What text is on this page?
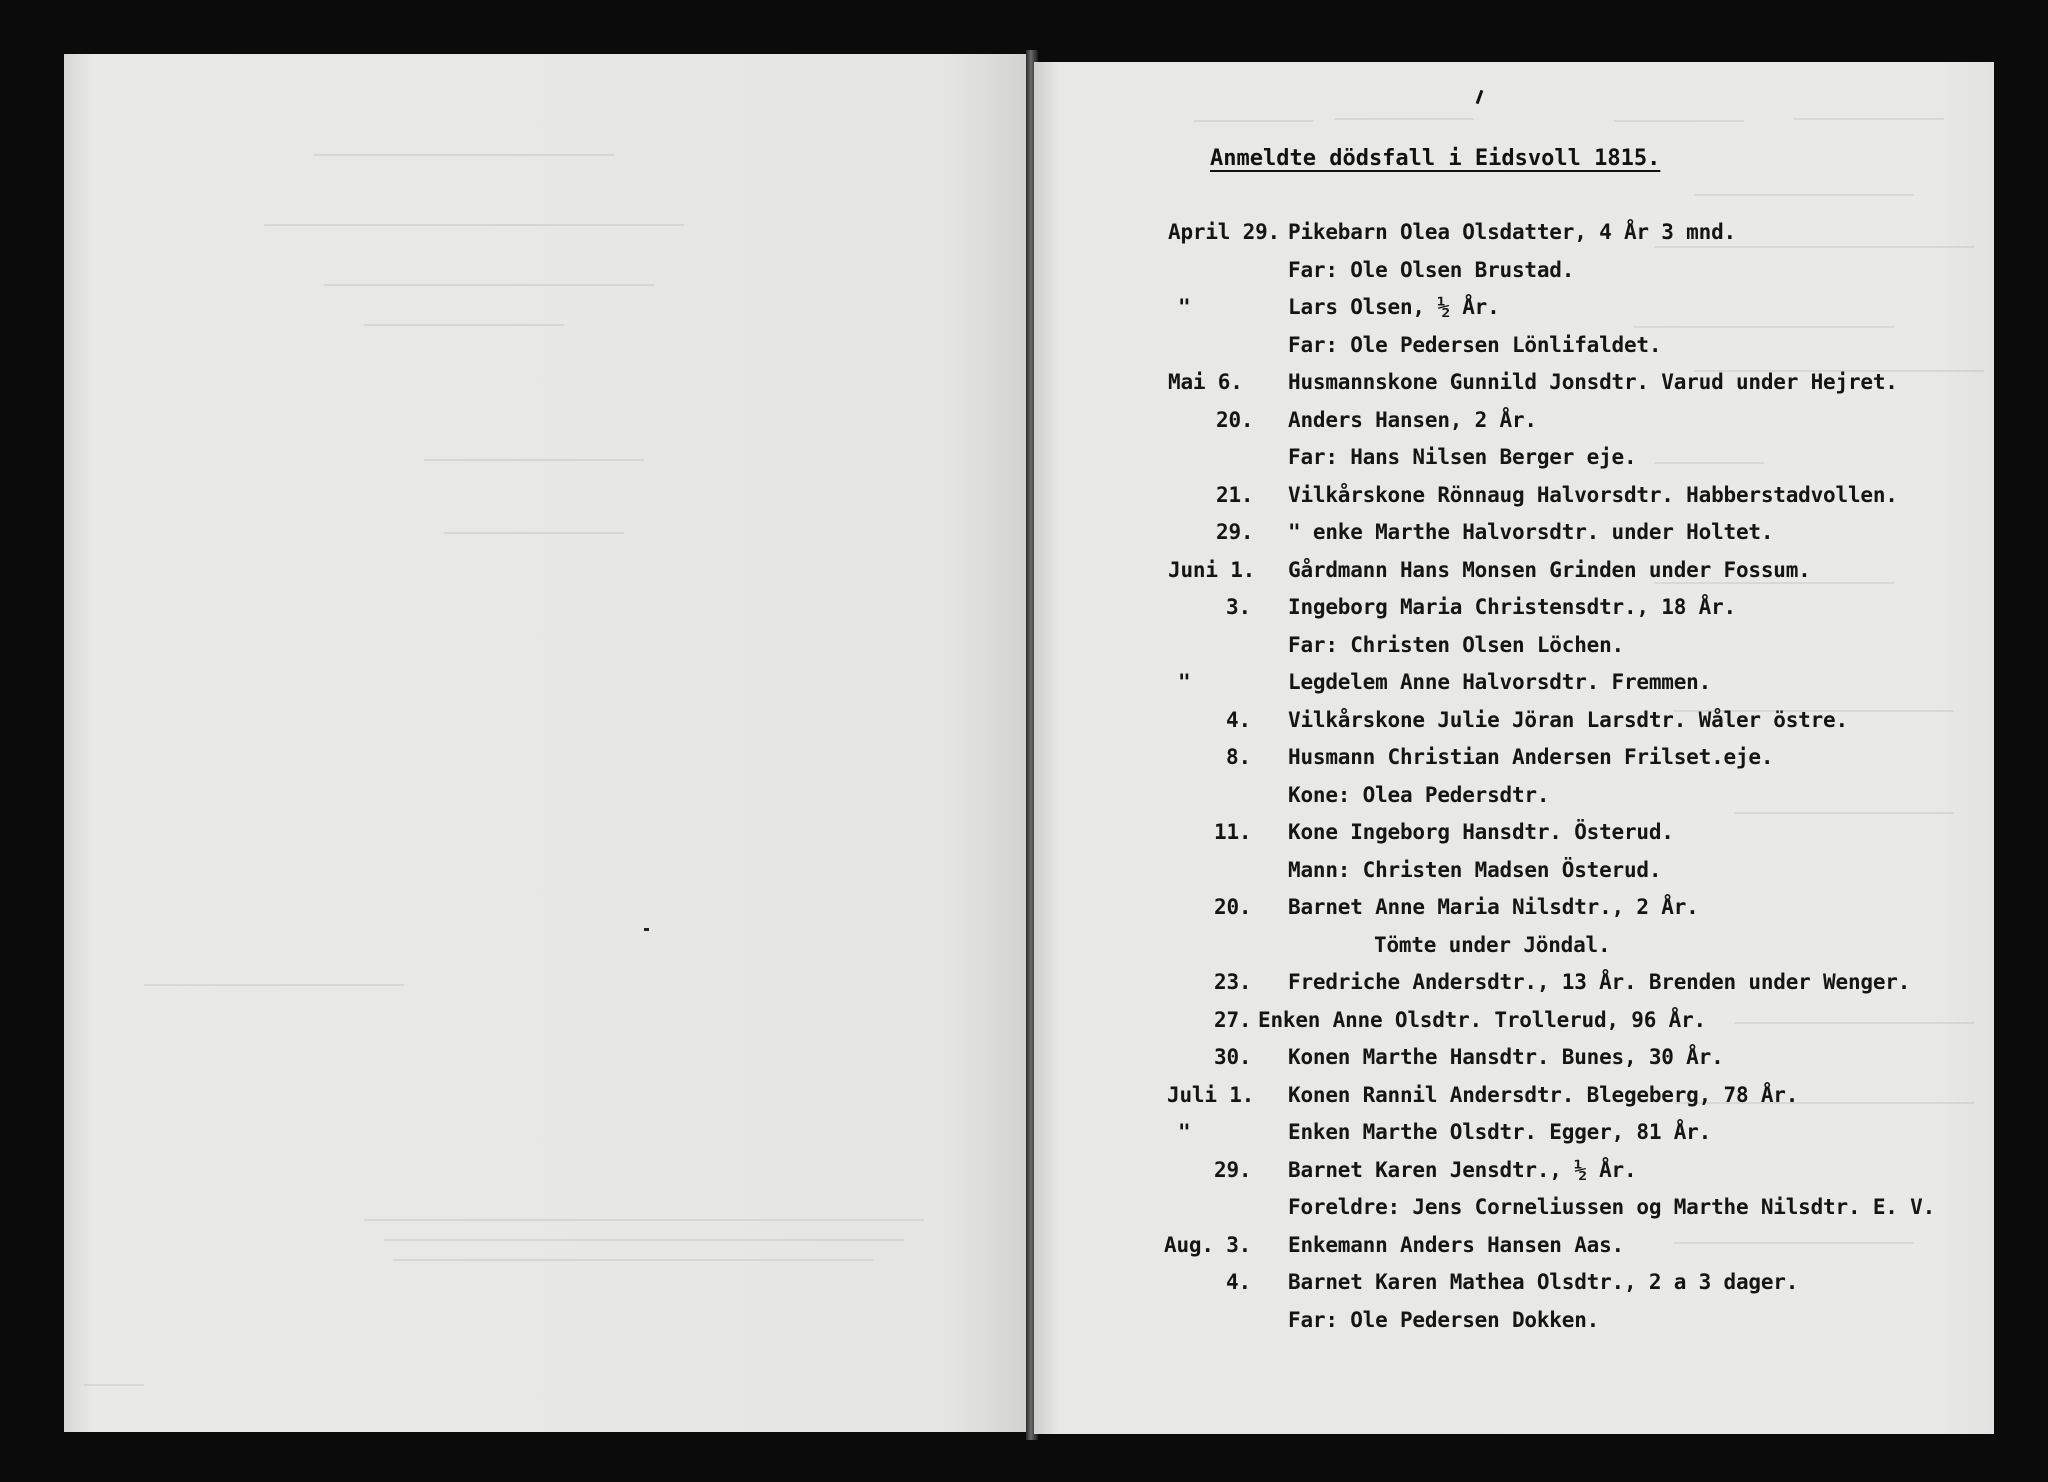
Anmeldte dödsfall i Eidsvoll 1815.
April 29. Pikebarn Olea Olsdatter, 4 År 3 mnd.
Far: Ole Olsen Brustad.
"	Lars Olsen, ½ År.
Far: Ole Pedersen Lönlifaldet.
Mai 6.	Husmannskone Gunnild Jonsdtr. Varud under Hejret.
20.	Anders Hansen, 2 År.
Far: Hans Nilsen Berger eje.
21.	Vilkårskone Rönnaug Halvorsdtr. Habberstadvollen.
29.	" enke Marthe Halvorsdtr. under Holtet.
Juni 1.	Gårdmann Hans Monsen Grinden under Fossum.
3.	Ingeborg Maria Christensdtr., 18 År.
Far: Christen Olsen Löchen.
"	Legdelem Anne Halvorsdtr. Fremmen.
4.	Vilkårskone Julie Jöran Larsdtr. Wåler östre.
8.	Husmann Christian Andersen Frilset.eje.
Kone: Olea Pedersdtr.
11.	Kone Ingeborg Hansdtr. Österud.
Mann: Christen Madsen Österud.
20.	Barnet Anne Maria Nilsdtr., 2 År.
Tömte under Jöndal.
23.	Fredriche Andersdtr., 13 År. Brenden under Wenger.
27. Enken Anne Olsdtr. Trollerud, 96 År.
30.	Konen Marthe Hansdtr. Bunes, 30 År.
Juli 1.	Konen Rannil Andersdtr. Blegeberg, 78 År.
"	Enken Marthe Olsdtr. Egger, 81 År.
29.	Barnet Karen Jensdtr., ½ År.
Foreldre: Jens Corneliussen og Marthe Nilsdtr. E. V.
Aug. 3.	Enkemann Anders Hansen Aas.
4.	Barnet Karen Mathea Olsdtr., 2 a 3 dager.
Far: Ole Pedersen Dokken.
